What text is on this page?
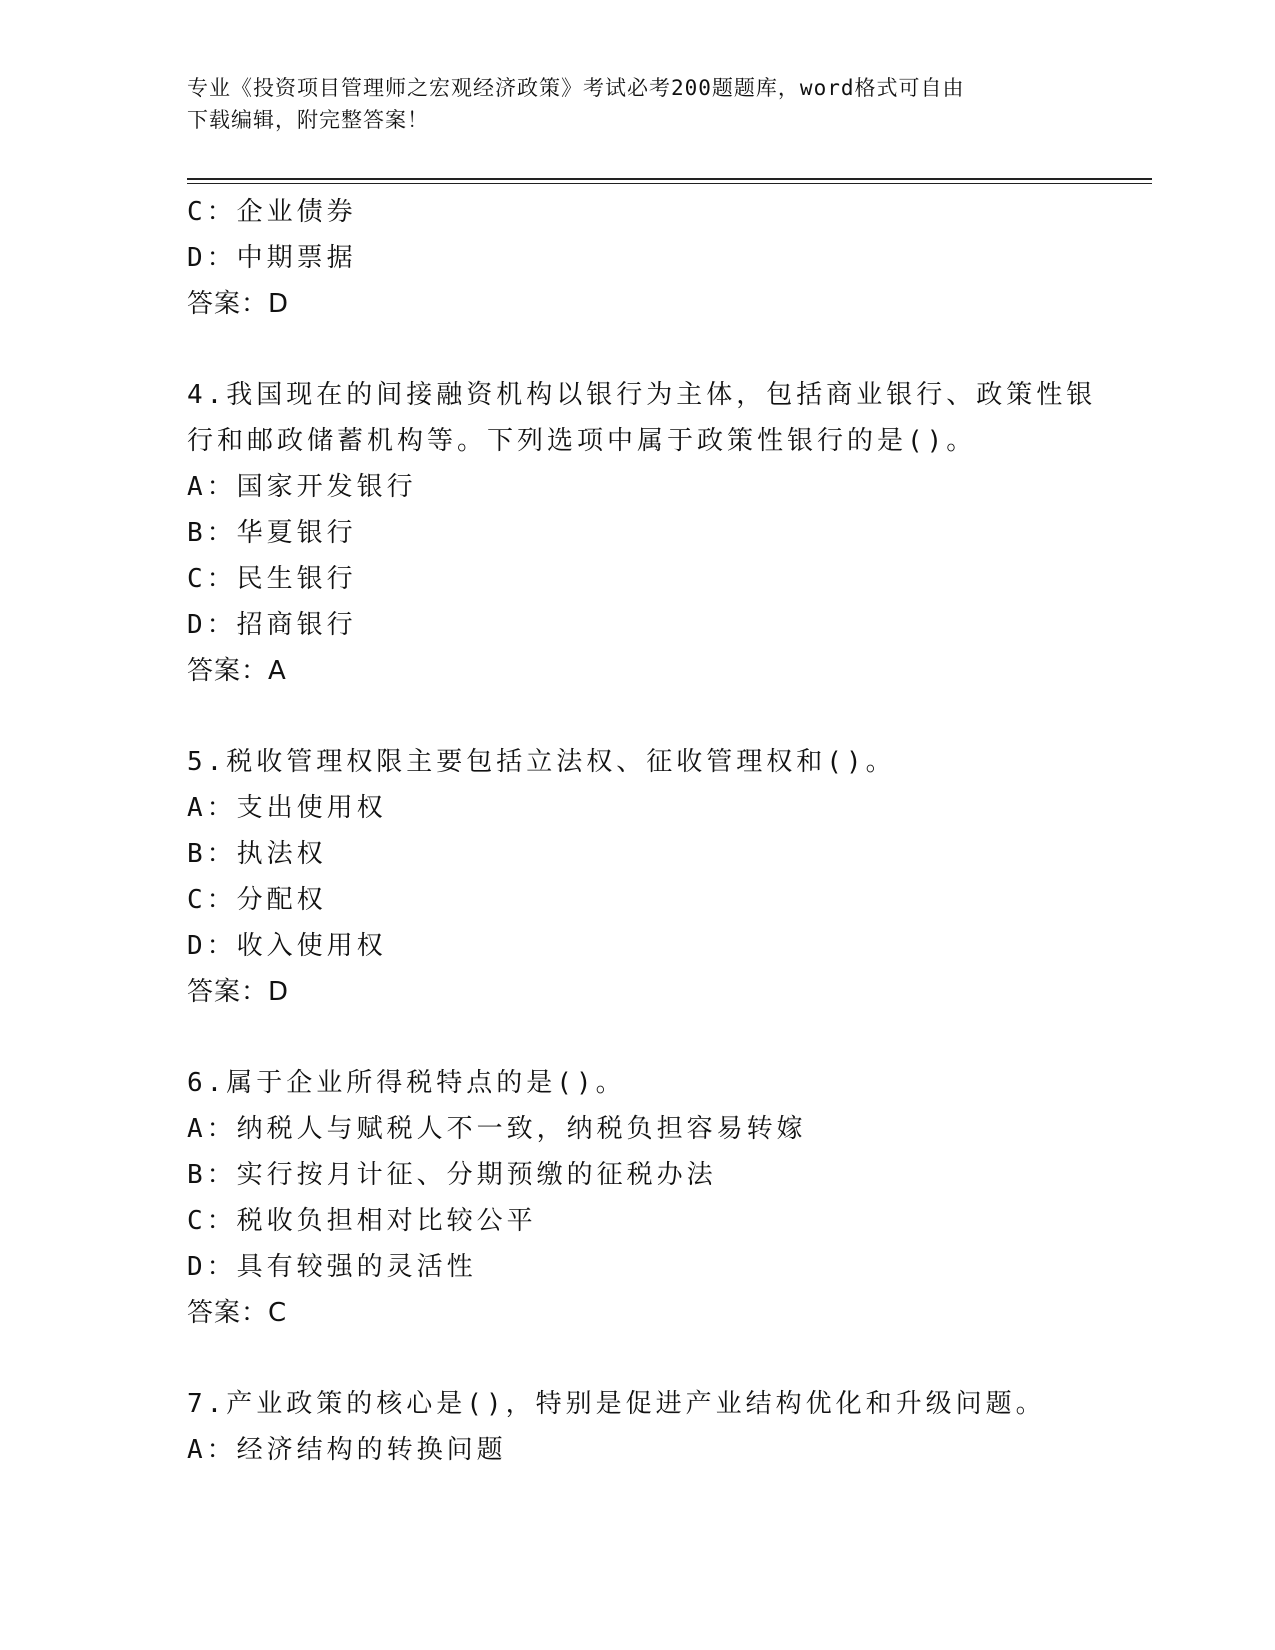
专业《投资项目管理师之宏观经济政策》考试必考200题题库，word格式可自由
下载编辑，附完整答案！
C：企业债券
D：中期票据
答案：D
4.我国现在的间接融资机构以银行为主体，包括商业银行、政策性银
行和邮政储蓄机构等。下列选项中属于政策性银行的是()。
A：国家开发银行
B：华夏银行
C：民生银行
D：招商银行
答案：A
5.税收管理权限主要包括立法权、征收管理权和()。
A：支出使用权
B：执法权
C：分配权
D：收入使用权
答案：D
6.属于企业所得税特点的是()。
A：纳税人与赋税人不一致，纳税负担容易转嫁
B：实行按月计征、分期预缴的征税办法
C：税收负担相对比较公平
D：具有较强的灵活性
答案：C
7.产业政策的核心是()，特别是促进产业结构优化和升级问题。
A：经济结构的转换问题
